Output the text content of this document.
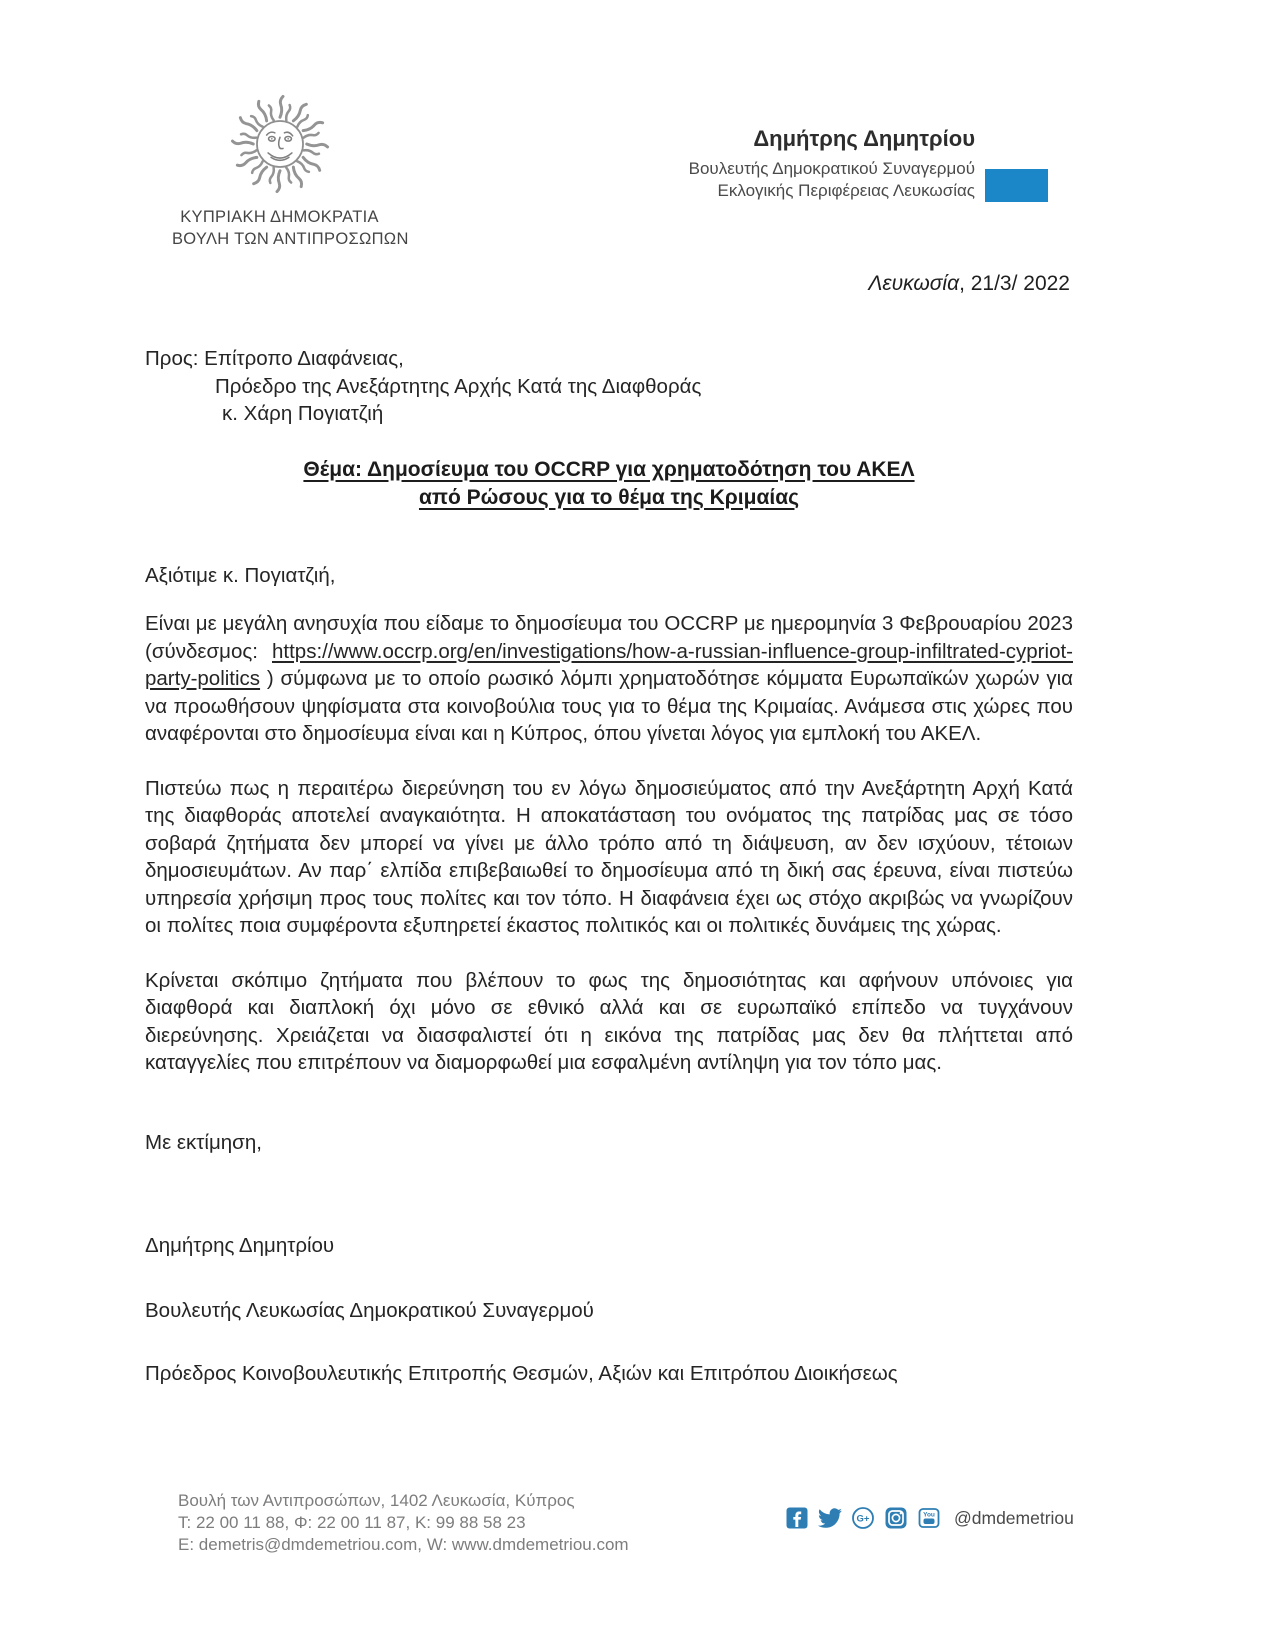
ΚΥΠΡΙΑΚΗ ΔΗΜΟΚΡΑΤΙΑ
ΒΟΥΛΗ ΤΩΝ ΑΝΤΙΠΡΟΣΩΠΩΝ
Δημήτρης Δημητρίου
Βουλευτής Δημοκρατικού Συναγερμού
Εκλογικής Περιφέρειας Λευκωσίας
Λευκωσία, 21/3/ 2022
Προς: Επίτροπο Διαφάνειας,
Πρόεδρο της Ανεξάρτητης Αρχής Κατά της Διαφθοράς
κ. Χάρη Πογιατζιή
Θέμα: Δημοσίευμα του OCCRP για χρηματοδότηση του ΑΚΕΛ
από Ρώσους για το θέμα της Κριμαίας
Αξιότιμε κ. Πογιατζιή,
Είναι με μεγάλη ανησυχία που είδαμε το δημοσίευμα του OCCRP με ημερομηνία 3 Φεβρουαρίου 2023 (σύνδεσμος: https://www.occrp.org/en/investigations/how-a-russian-influence-group-infiltrated-cypriot-party-politics ) σύμφωνα με το οποίο ρωσικό λόμπι χρηματοδότησε κόμματα Ευρωπαϊκών χωρών για να προωθήσουν ψηφίσματα στα κοινοβούλια τους για το θέμα της Κριμαίας. Ανάμεσα στις χώρες που αναφέρονται στο δημοσίευμα είναι και η Κύπρος, όπου γίνεται λόγος για εμπλοκή του ΑΚΕΛ.
Πιστεύω πως η περαιτέρω διερεύνηση του εν λόγω δημοσιεύματος από την Ανεξάρτητη Αρχή Κατά της διαφθοράς αποτελεί αναγκαιότητα. Η αποκατάσταση του ονόματος της πατρίδας μας σε τόσο σοβαρά ζητήματα δεν μπορεί να γίνει με άλλο τρόπο από τη διάψευση, αν δεν ισχύουν, τέτοιων δημοσιευμάτων. Αν παρ΄ ελπίδα επιβεβαιωθεί το δημοσίευμα από τη δική σας έρευνα, είναι πιστεύω υπηρεσία χρήσιμη προς τους πολίτες και τον τόπο. Η διαφάνεια έχει ως στόχο ακριβώς να γνωρίζουν οι πολίτες ποια συμφέροντα εξυπηρετεί έκαστος πολιτικός και οι πολιτικές δυνάμεις της χώρας.
Κρίνεται σκόπιμο ζητήματα που βλέπουν το φως της δημοσιότητας και αφήνουν υπόνοιες για διαφθορά και διαπλοκή όχι μόνο σε εθνικό αλλά και σε ευρωπαϊκό επίπεδο να τυγχάνουν διερεύνησης. Χρειάζεται να διασφαλιστεί ότι η εικόνα της πατρίδας μας δεν θα πλήττεται από καταγγελίες που επιτρέπουν να διαμορφωθεί μια εσφαλμένη αντίληψη για τον τόπο μας.
Με εκτίμηση,
Δημήτρης Δημητρίου
Βουλευτής Λευκωσίας Δημοκρατικού Συναγερμού
Πρόεδρος Κοινοβουλευτικής Επιτροπής Θεσμών, Αξιών και Επιτρόπου Διοικήσεως
Βουλή των Αντιπροσώπων, 1402 Λευκωσία, Κύπρος
Τ: 22 00 11 88, Φ: 22 00 11 87, Κ: 99 88 58 23
Ε: demetris@dmdemetriou.com, W: www.dmdemetriou.com
G+	You @dmdemetriou
